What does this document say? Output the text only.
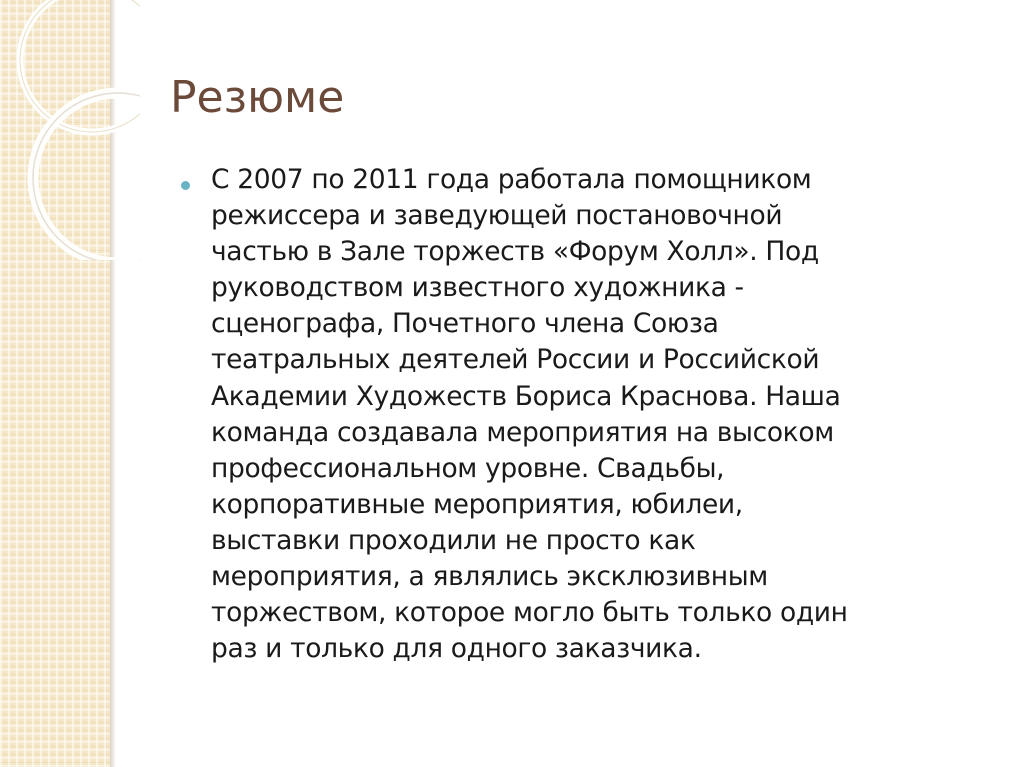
Резюме

С 2007 по 2011 года работала помощником
режиссера и заведующей постановочной
частью в Зале торжеств «Форум Холл». Под
руководством известного художника -
сценографа, Почетного члена Союза
театральных деятелей России и Российской
Академии Художеств Бориса Краснова. Наша
команда создавала мероприятия на высоком
профессиональном уровне. Свадьбы,
корпоративные мероприятия, юбилеи,
выставки проходили не просто как
мероприятия, а являлись эксклюзивным
торжеством, которое могло быть только один
раз и только для одного заказчика.
